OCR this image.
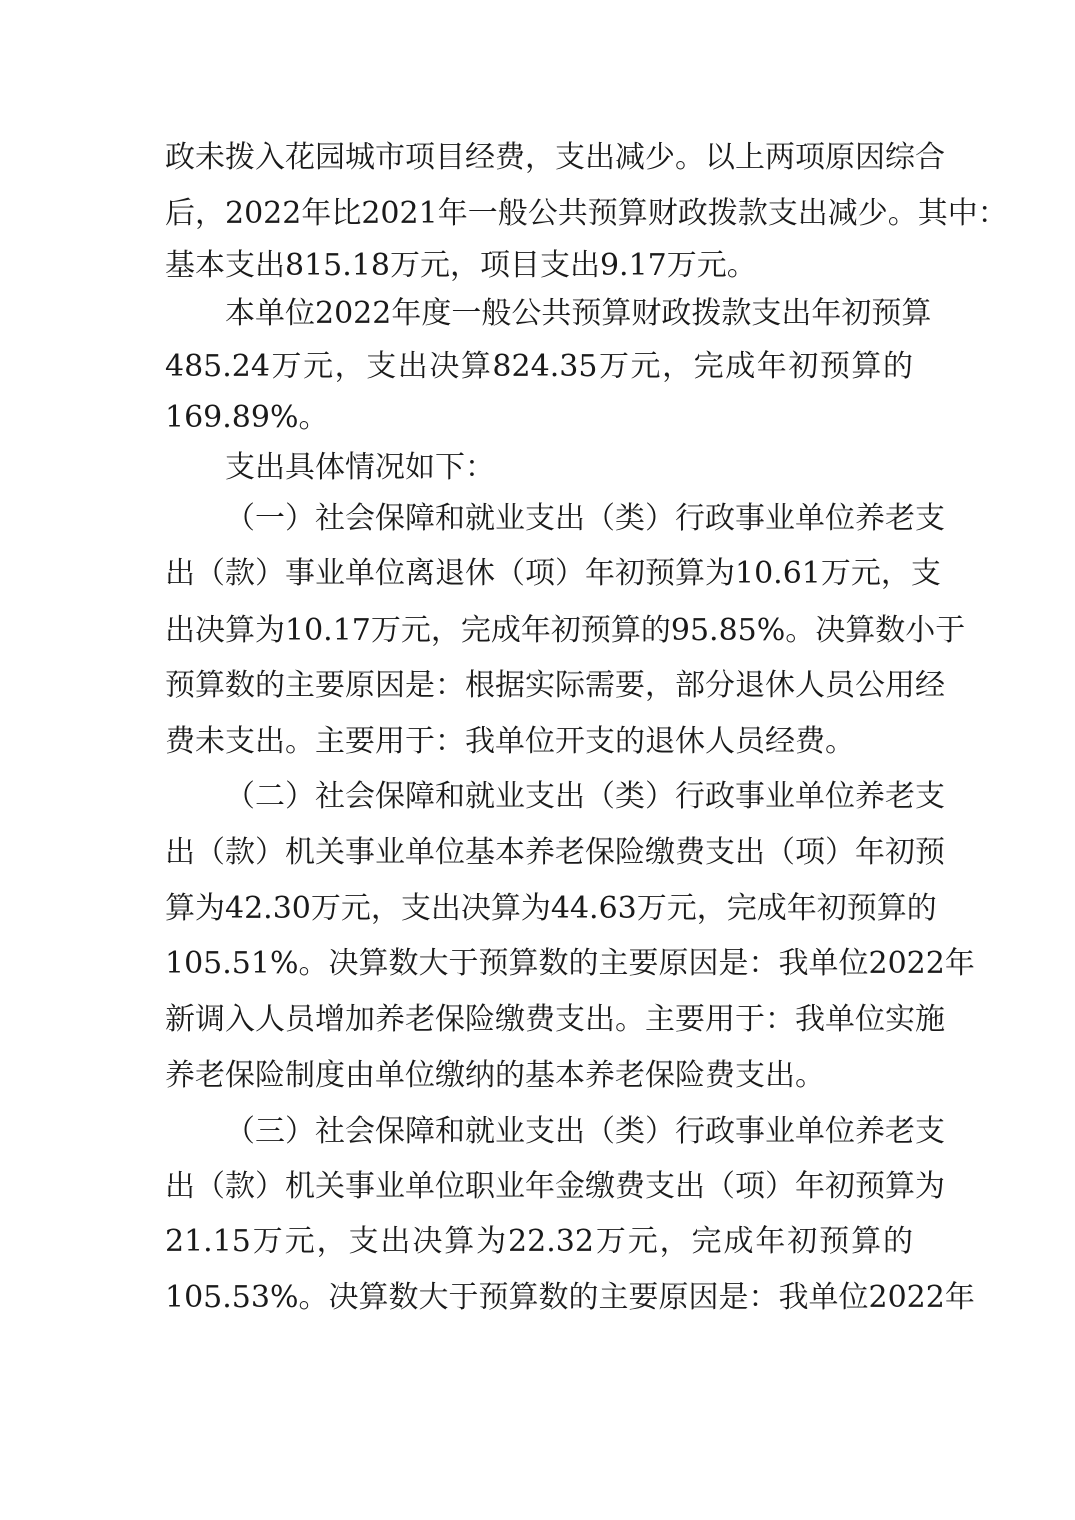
政未拨入花园城市项目经费，支出减少。以上两项原因综合
后，2022年比2021年一般公共预算财政拨款支出减少。其中：
基本支出815.18万元，项目支出9.17万元。
本单位2022年度一般公共预算财政拨款支出年初预算
485.24万元，支出决算824.35万元，完成年初预算的
169.89%。
支出具体情况如下：
（一）社会保障和就业支出（类）行政事业单位养老支
出（款）事业单位离退休（项）年初预算为10.61万元，支
出决算为10.17万元，完成年初预算的95.85%。决算数小于
预算数的主要原因是：根据实际需要，部分退休人员公用经
费未支出。主要用于：我单位开支的退休人员经费。
（二）社会保障和就业支出（类）行政事业单位养老支
出（款）机关事业单位基本养老保险缴费支出（项）年初预
算为42.30万元，支出决算为44.63万元，完成年初预算的
105.51%。决算数大于预算数的主要原因是：我单位2022年
新调入人员增加养老保险缴费支出。主要用于：我单位实施
养老保险制度由单位缴纳的基本养老保险费支出。
（三）社会保障和就业支出（类）行政事业单位养老支
出（款）机关事业单位职业年金缴费支出（项）年初预算为
21.15万元，支出决算为22.32万元，完成年初预算的
105.53%。决算数大于预算数的主要原因是：我单位2022年
